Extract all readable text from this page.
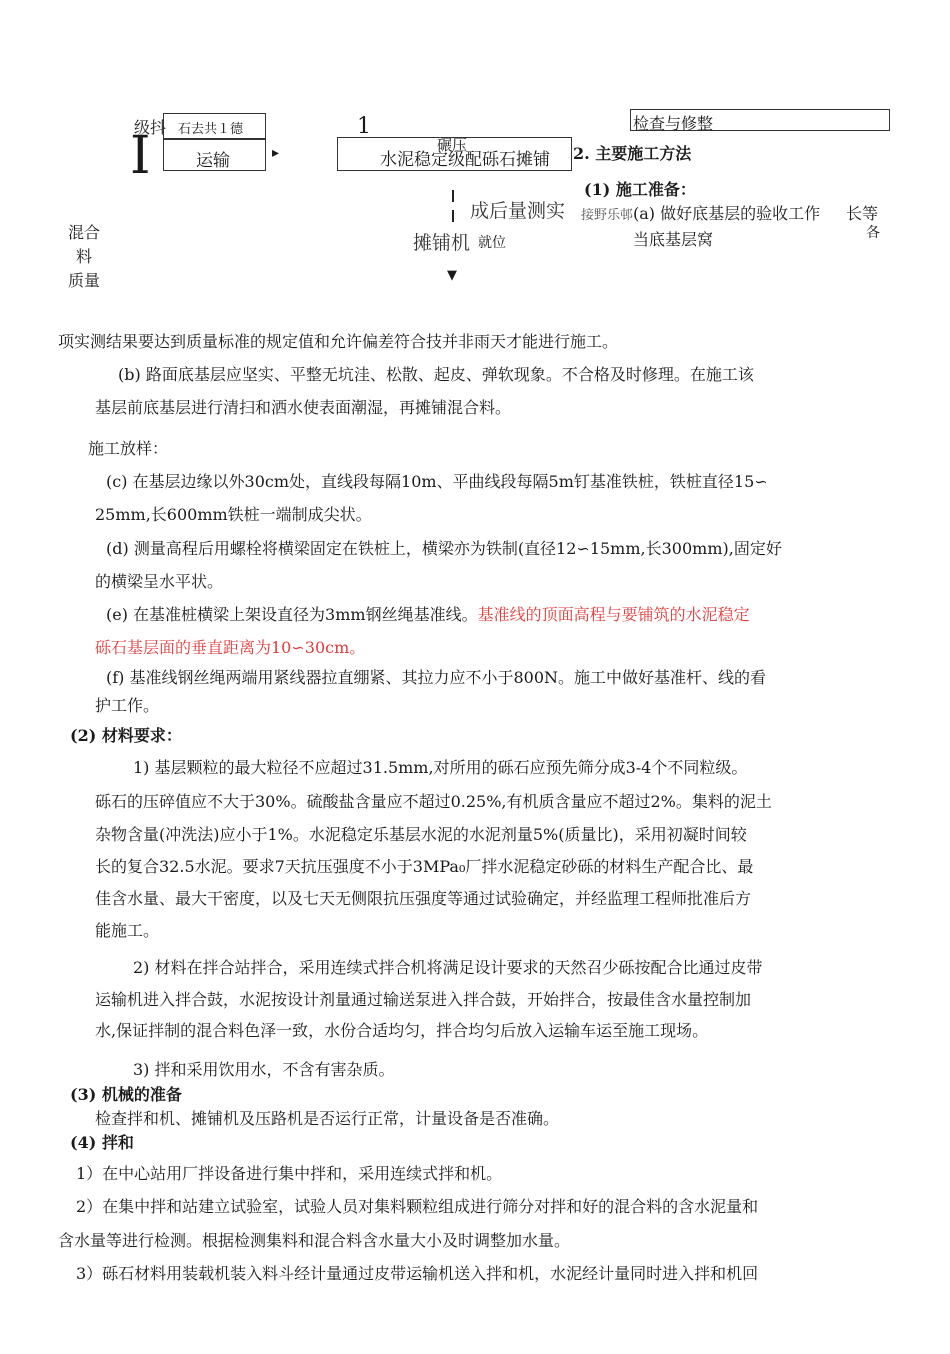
级抖
I 石去共１德
运输	▸
1
水泥稳定级配砾石摊铺
碾压
成后量测实
摊铺机 就位
▼
混合
料
质量
检查与修整
2. 主要施工方法
(1) 施工准备：
接野乐邨 (a) 做好底基层的验收工作
当底基层窝
长等
各
项实测结果要达到质量标准的规定值和允许偏差符合技并非雨天才能进行施工。
(b) 路面底基层应坚实、平整无坑洼、松散、起皮、弹软现象。不合格及时修理。在施工该
基层前底基层进行清扫和洒水使表面潮湿，再摊铺混合料。
施工放样：
(c) 在基层边缘以外30cm处，直线段每隔10m、平曲线段每隔5m钉基准铁桩，铁桩直径15∽
25mm,长600mm铁桩一端制成尖状。
(d) 测量高程后用螺栓将横梁固定在铁桩上，横梁亦为铁制(直径12∽15mm,长300mm),固定好
的横梁呈水平状。
(e) 在基准桩横梁上架设直径为3mm钢丝绳基准线。基准线的顶面高程与要铺筑的水泥稳定
砾石基层面的垂直距离为10∽30cm。
(f) 基准线钢丝绳两端用紧线器拉直绷紧、其拉力应不小于800N。施工中做好基准杆、线的看
护工作。
(2) 材料要求：
1) 基层颗粒的最大粒径不应超过31.5mm,对所用的砾石应预先筛分成3-4个不同粒级。
砾石的压碎值应不大于30%。硫酸盐含量应不超过0.25%,有机质含量应不超过2%。集料的泥土
杂物含量(冲洗法)应小于1%。水泥稳定乐基层水泥的水泥剂量5%(质量比)，采用初凝时间较
长的复合32.5水泥。要求7天抗压强度不小于3MPa₀厂拌水泥稳定砂砾的材料生产配合比、最
佳含水量、最大干密度，以及七天无侧限抗压强度等通过试验确定，并经监理工程师批准后方
能施工。
2) 材料在拌合站拌合，采用连续式拌合机将满足设计要求的天然召少砾按配合比通过皮带
运输机进入拌合鼓，水泥按设计剂量通过输送泵进入拌合鼓，开始拌合，按最佳含水量控制加
水,保证拌制的混合料色泽一致，水份合适均匀，拌合均匀后放入运输车运至施工现场。
3) 拌和采用饮用水，不含有害杂质。
(3) 机械的准备
检查拌和机、摊铺机及压路机是否运行正常，计量设备是否准确。
(4) 拌和
1）在中心站用厂拌设备进行集中拌和，采用连续式拌和机。
2）在集中拌和站建立试验室，试验人员对集料颗粒组成进行筛分对拌和好的混合料的含水泥量和
含水量等进行检测。根据检测集料和混合料含水量大小及时调整加水量。
3）砾石材料用装载机装入料斗经计量通过皮带运输机送入拌和机，水泥经计量同时进入拌和机回
